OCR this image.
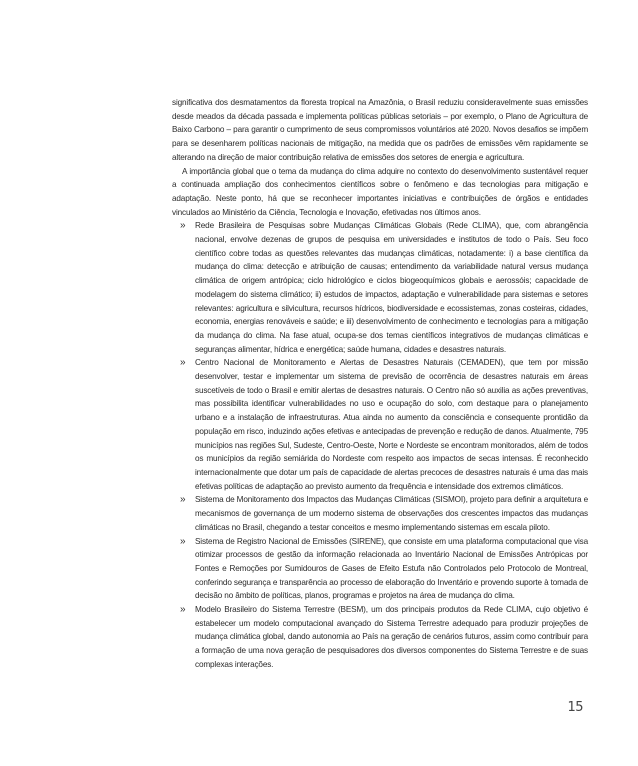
significativa dos desmatamentos da floresta tropical na Amazônia, o Brasil reduziu consideravelmente suas emissões desde meados da década passada e implementa políticas públicas setoriais – por exemplo, o Plano de Agricultura de Baixo Carbono – para garantir o cumprimento de seus compromissos voluntários até 2020. Novos desafios se impõem para se desenharem políticas nacionais de mitigação, na medida que os padrões de emissões vêm rapidamente se alterando na direção de maior contribuição relativa de emissões dos setores de energia e agricultura.

A importância global que o tema da mudança do clima adquire no contexto do desenvolvimento sustentável requer a continuada ampliação dos conhecimentos científicos sobre o fenômeno e das tecnologias para mitigação e adaptação. Neste ponto, há que se reconhecer importantes iniciativas e contribuições de órgãos e entidades vinculados ao Ministério da Ciência, Tecnologia e Inovação, efetivadas nos últimos anos.

» Rede Brasileira de Pesquisas sobre Mudanças Climáticas Globais (Rede CLIMA), que, com abrangência nacional, envolve dezenas de grupos de pesquisa em universidades e institutos de todo o País. Seu foco científico cobre todas as questões relevantes das mudanças climáticas, notadamente: i) a base científica da mudança do clima: detecção e atribuição de causas; entendimento da variabilidade natural versus mudança climática de origem antrópica; ciclo hidrológico e ciclos biogeoquímicos globais e aerossóis; capacidade de modelagem do sistema climático; ii) estudos de impactos, adaptação e vulnerabilidade para sistemas e setores relevantes: agricultura e silvicultura, recursos hídricos, biodiversidade e ecossistemas, zonas costeiras, cidades, economia, energias renováveis e saúde; e iii) desenvolvimento de conhecimento e tecnologias para a mitigação da mudança do clima. Na fase atual, ocupa-se dos temas científicos integrativos de mudanças climáticas e seguranças alimentar, hídrica e energética; saúde humana, cidades e desastres naturais.
» Centro Nacional de Monitoramento e Alertas de Desastres Naturais (CEMADEN), que tem por missão desenvolver, testar e implementar um sistema de previsão de ocorrência de desastres naturais em áreas suscetíveis de todo o Brasil e emitir alertas de desastres naturais. O Centro não só auxilia as ações preventivas, mas possibilita identificar vulnerabilidades no uso e ocupação do solo, com destaque para o planejamento urbano e a instalação de infraestruturas. Atua ainda no aumento da consciência e consequente prontidão da população em risco, induzindo ações efetivas e antecipadas de prevenção e redução de danos. Atualmente, 795 municípios nas regiões Sul, Sudeste, Centro-Oeste, Norte e Nordeste se encontram monitorados, além de todos os municípios da região semiárida do Nordeste com respeito aos impactos de secas intensas. É reconhecido internacionalmente que dotar um país de capacidade de alertas precoces de desastres naturais é uma das mais efetivas políticas de adaptação ao previsto aumento da frequência e intensidade dos extremos climáticos.
» Sistema de Monitoramento dos Impactos das Mudanças Climáticas (SISMOI), projeto para definir a arquitetura e mecanismos de governança de um moderno sistema de observações dos crescentes impactos das mudanças climáticas no Brasil, chegando a testar conceitos e mesmo implementando sistemas em escala piloto.
» Sistema de Registro Nacional de Emissões (SIRENE), que consiste em uma plataforma computacional que visa otimizar processos de gestão da informação relacionada ao Inventário Nacional de Emissões Antrópicas por Fontes e Remoções por Sumidouros de Gases de Efeito Estufa não Controlados pelo Protocolo de Montreal, conferindo segurança e transparência ao processo de elaboração do Inventário e provendo suporte à tomada de decisão no âmbito de políticas, planos, programas e projetos na área de mudança do clima.
» Modelo Brasileiro do Sistema Terrestre (BESM), um dos principais produtos da Rede CLIMA, cujo objetivo é estabelecer um modelo computacional avançado do Sistema Terrestre adequado para produzir projeções de mudança climática global, dando autonomia ao País na geração de cenários futuros, assim como contribuir para a formação de uma nova geração de pesquisadores dos diversos componentes do Sistema Terrestre e de suas complexas interações.
15
